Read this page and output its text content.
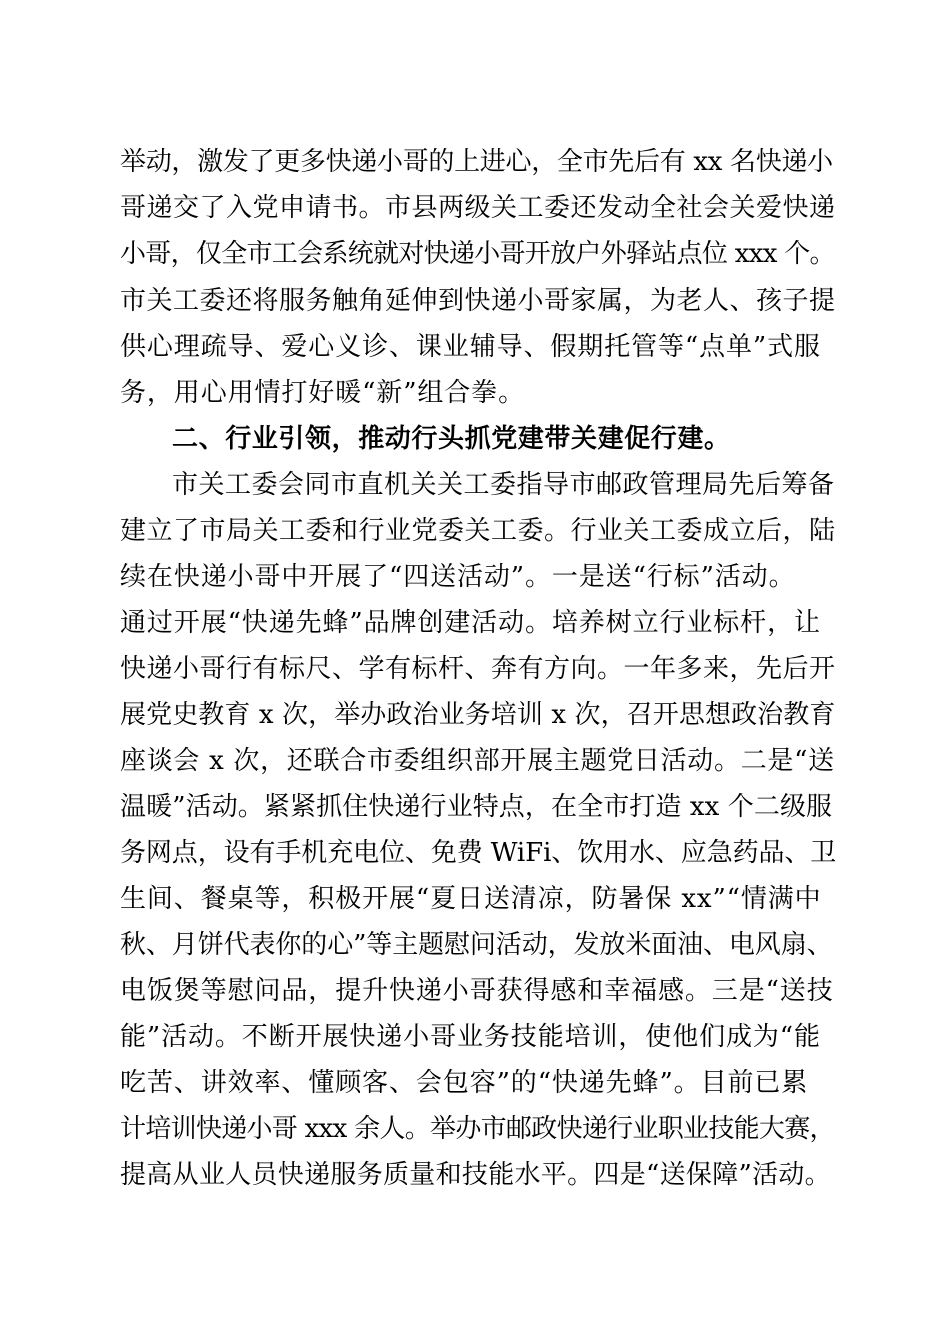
举动，激发了更多快递小哥的上进心，全市先后有 xx 名快递小
哥递交了入党申请书。市县两级关工委还发动全社会关爱快递
小哥，仅全市工会系统就对快递小哥开放户外驿站点位 xxx 个。
市关工委还将服务触角延伸到快递小哥家属，为老人、孩子提
供心理疏导、爱心义诊、课业辅导、假期托管等“点单”式服
务，用心用情打好暖“新”组合拳。
二、行业引领，推动行头抓党建带关建促行建。
市关工委会同市直机关关工委指导市邮政管理局先后筹备
建立了市局关工委和行业党委关工委。行业关工委成立后，陆
续在快递小哥中开展了“四送活动”。一是送“行标”活动。
通过开展“快递先蜂”品牌创建活动。培养树立行业标杆，让
快递小哥行有标尺、学有标杆、奔有方向。一年多来，先后开
展党史教育 x 次，举办政治业务培训 x 次，召开思想政治教育
座谈会 x 次，还联合市委组织部开展主题党日活动。二是“送
温暖”活动。紧紧抓住快递行业特点，在全市打造 xx 个二级服
务网点，设有手机充电位、免费 WiFi、饮用水、应急药品、卫
生间、餐桌等，积极开展“夏日送清凉，防暑保 xx”“情满中
秋、月饼代表你的心”等主题慰问活动，发放米面油、电风扇、
电饭煲等慰问品，提升快递小哥获得感和幸福感。三是“送技
能”活动。不断开展快递小哥业务技能培训，使他们成为“能
吃苦、讲效率、懂顾客、会包容”的“快递先蜂”。目前已累
计培训快递小哥 xxx 余人。举办市邮政快递行业职业技能大赛，
提高从业人员快递服务质量和技能水平。四是“送保障”活动。
